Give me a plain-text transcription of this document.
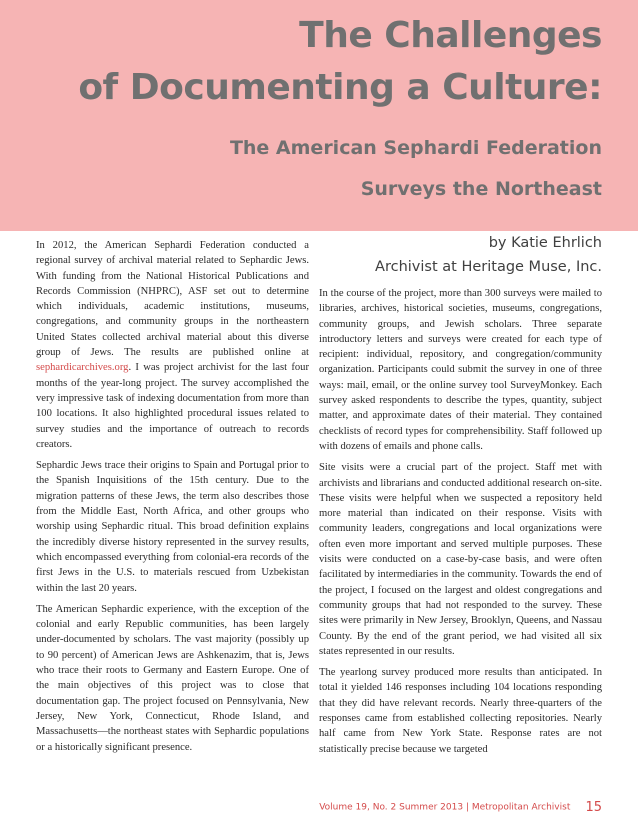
The Challenges
of Documenting a Culture:
The American Sephardi Federation
Surveys the Northeast
by Katie Ehrlich
Archivist at Heritage Muse, Inc.

In 2012, the American Sephardi Federation conducted a regional survey of archival material related to Sephardic Jews. With funding from the National Historical Publications and Records Commission (NHPRC), ASF set out to determine which individuals, academic institutions, museums, congregations, and community groups in the northeastern United States collected archival material about this diverse group of Jews. The results are published online at sephardicarchives.org. I was project archivist for the last four months of the year-long project. The survey accomplished the very impressive task of indexing documentation from more than 100 locations. It also highlighted procedural issues related to survey studies and the importance of outreach to records creators.

Sephardic Jews trace their origins to Spain and Portugal prior to the Spanish Inquisitions of the 15th century. Due to the migration patterns of these Jews, the term also describes those from the Middle East, North Africa, and other groups who worship using Sephardic ritual. This broad definition explains the incredibly diverse history represented in the survey results, which encompassed everything from colonial-era records of the first Jews in the U.S. to materials rescued from Uzbekistan within the last 20 years.

The American Sephardic experience, with the exception of the colonial and early Republic communities, has been largely under-documented by scholars. The vast majority (possibly up to 90 percent) of American Jews are Ashkenazim, that is, Jews who trace their roots to Germany and Eastern Europe. One of the main objectives of this project was to close that documentation gap. The project focused on Pennsylvania, New Jersey, New York, Connecticut, Rhode Island, and Massachusetts—the northeast states with Sephardic populations or a historically significant presence.

In the course of the project, more than 300 surveys were mailed to libraries, archives, historical societies, museums, congregations, community groups, and Jewish scholars. Three separate introductory letters and surveys were created for each type of recipient: individual, repository, and congregation/community organization. Participants could submit the survey in one of three ways: mail, email, or the online survey tool SurveyMonkey. Each survey asked respondents to describe the types, quantity, subject matter, and approximate dates of their material. They contained checklists of record types for comprehensibility. Staff followed up with dozens of emails and phone calls.

Site visits were a crucial part of the project. Staff met with archivists and librarians and conducted additional research on-site. These visits were helpful when we suspected a repository held more material than indicated on their response. Visits with community leaders, congregations and local organizations were often even more important and served multiple purposes. These visits were conducted on a case-by-case basis, and were often facilitated by intermediaries in the community. Towards the end of the project, I focused on the largest and oldest congregations and community groups that had not responded to the survey. These sites were primarily in New Jersey, Brooklyn, Queens, and Nassau County. By the end of the grant period, we had visited all six states represented in our results.

The yearlong survey produced more results than anticipated. In total it yielded 146 responses including 104 locations responding that they did have relevant records. Nearly three-quarters of the responses came from established collecting repositories. Nearly half came from New York State. Response rates are not statistically precise because we targeted

Volume 19, No. 2 Summer 2013 | Metropolitan Archivist 15
